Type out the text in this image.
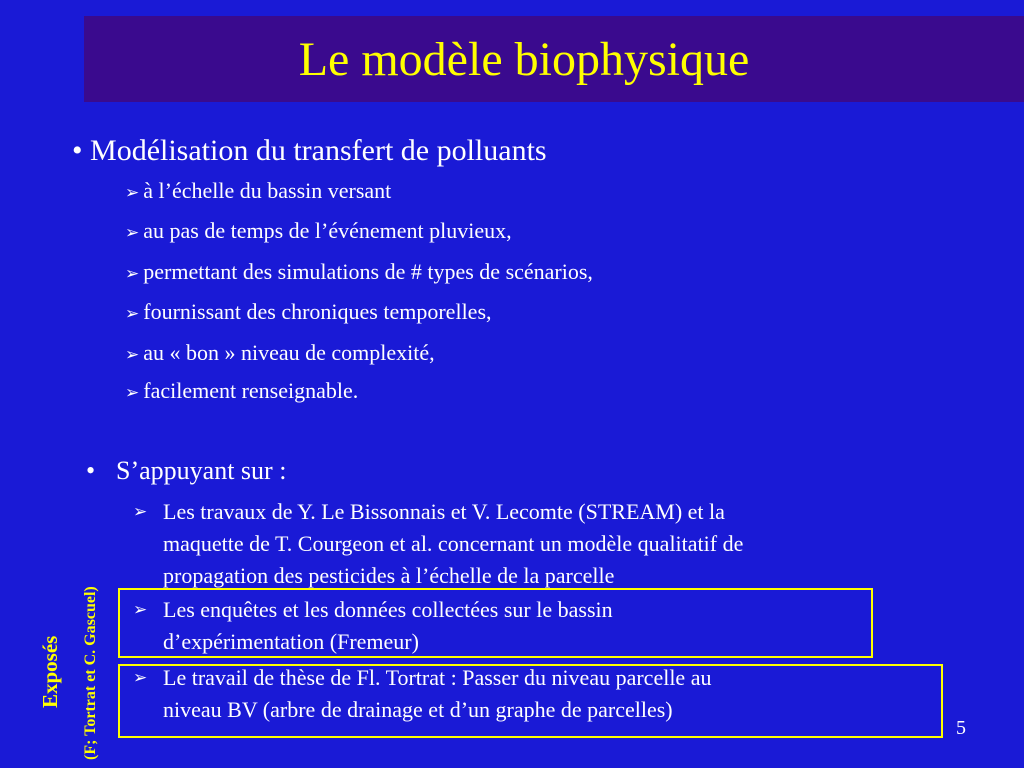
Le modèle biophysique
• Modélisation du transfert de polluants
➢ à l’échelle du bassin versant
➢ au pas de temps de l’événement pluvieux,
➢ permettant des simulations de # types de scénarios,
➢ fournissant des chroniques temporelles,
➢ au « bon » niveau de complexité,
➢ facilement renseignable.
• S’appuyant sur :
➢ Les travaux de Y. Le Bissonnais et V. Lecomte (STREAM) et la
maquette de T. Courgeon et al. concernant un modèle qualitatif de
propagation des pesticides à l’échelle de la parcelle
➢ Les enquêtes et les données collectées sur le bassin
d’expérimentation (Fremeur)
➢ Le travail de thèse de Fl. Tortrat : Passer du niveau parcelle au
niveau BV (arbre de drainage et d’un graphe de parcelles)
Exposés (F; Tortrat et C. Gascuel)	5
